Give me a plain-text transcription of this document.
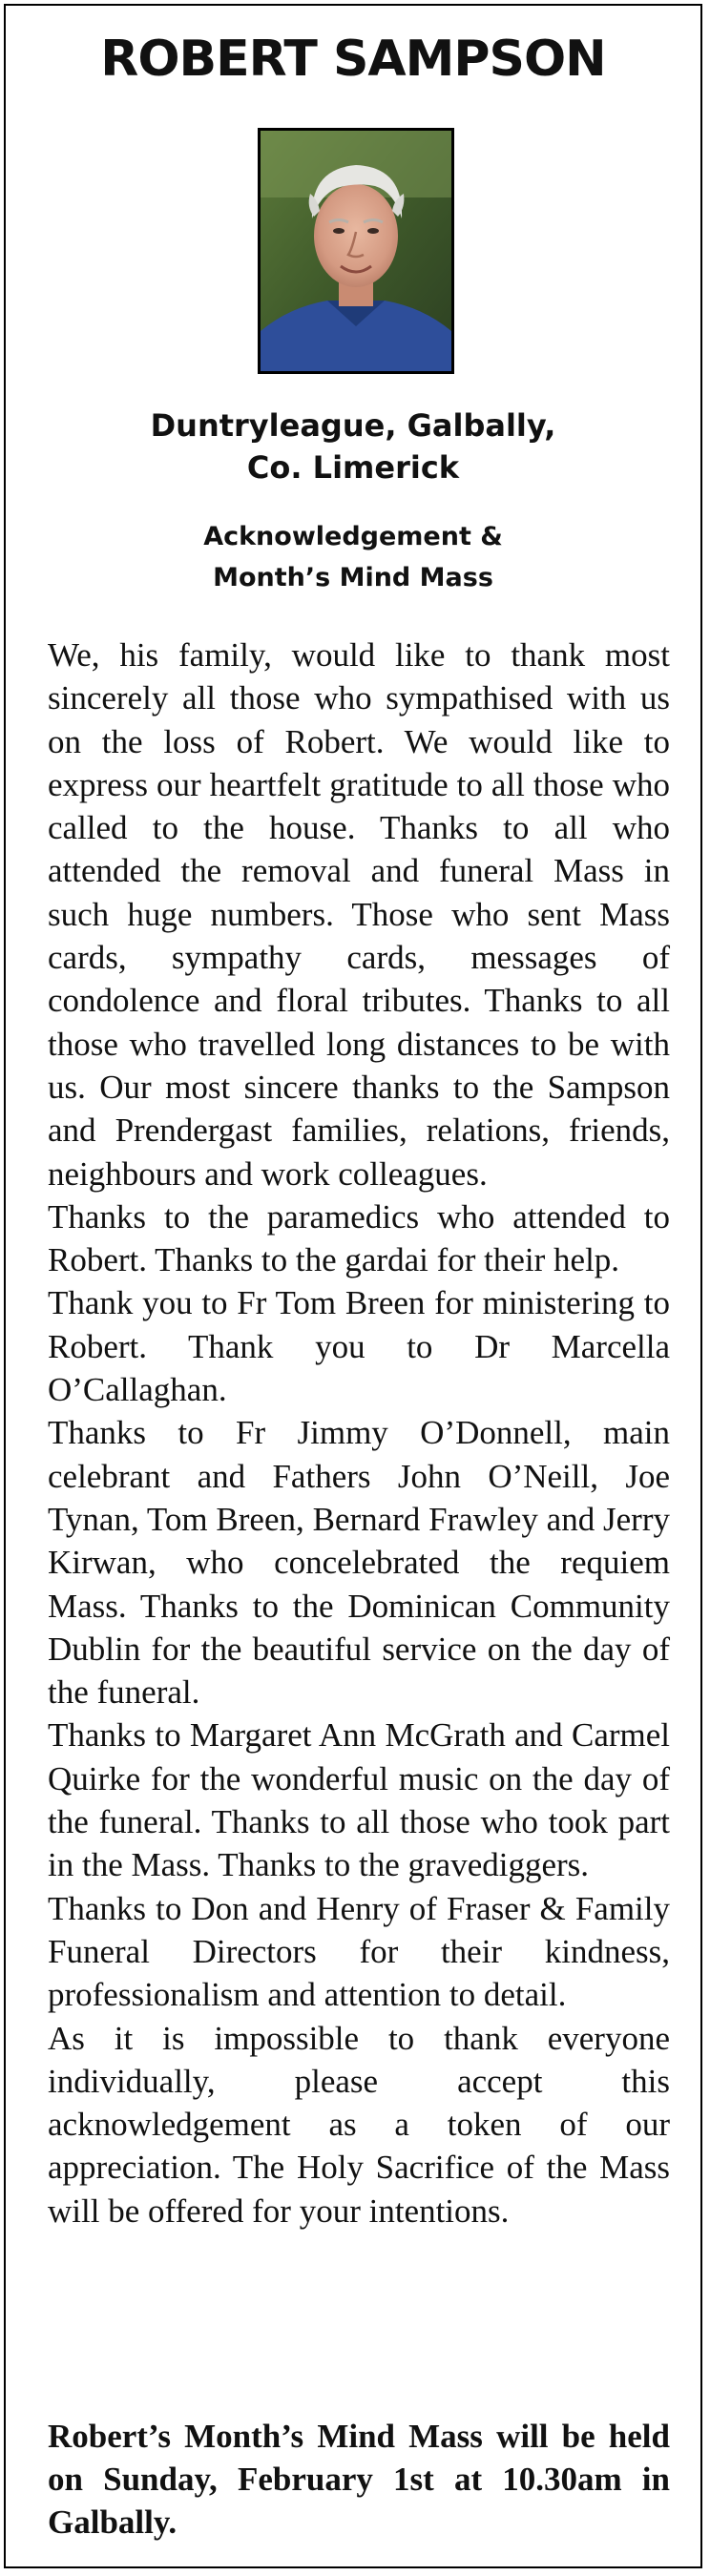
ROBERT SAMPSON
Duntryleague, Galbally,
Co. Limerick
Acknowledgement &
Month’s Mind Mass

We, his family, would like to thank most sincerely all those who sympathised with us on the loss of Robert. We would like to express our heartfelt gratitude to all those who called to the house. Thanks to all who attended the removal and funeral Mass in such huge numbers. Those who sent Mass cards, sympathy cards, messages of condolence and floral tributes. Thanks to all those who travelled long distances to be with us. Our most sincere thanks to the Sampson and Prendergast families, relations, friends, neighbours and work colleagues.

Thanks to the paramedics who attended to Robert. Thanks to the gardai for their help.

Thank you to Fr Tom Breen for ministering to Robert. Thank you to Dr Marcella O’Callaghan.

Thanks to Fr Jimmy O’Donnell, main celebrant and Fathers John O’Neill, Joe Tynan, Tom Breen, Bernard Frawley and Jerry Kirwan, who concelebrated the requiem Mass. Thanks to the Dominican Community Dublin for the beautiful service on the day of the funeral.

Thanks to Margaret Ann McGrath and Carmel Quirke for the wonderful music on the day of the funeral. Thanks to all those who took part in the Mass. Thanks to the gravediggers.

Thanks to Don and Henry of Fraser & Family Funeral Directors for their kindness, professionalism and attention to detail.

As it is impossible to thank everyone individually, please accept this acknowledgement as a token of our appreciation. The Holy Sacrifice of the Mass will be offered for your intentions.

Robert’s Month’s Mind Mass will be held on Sunday, February 1st at 10.30am in Galbally.
